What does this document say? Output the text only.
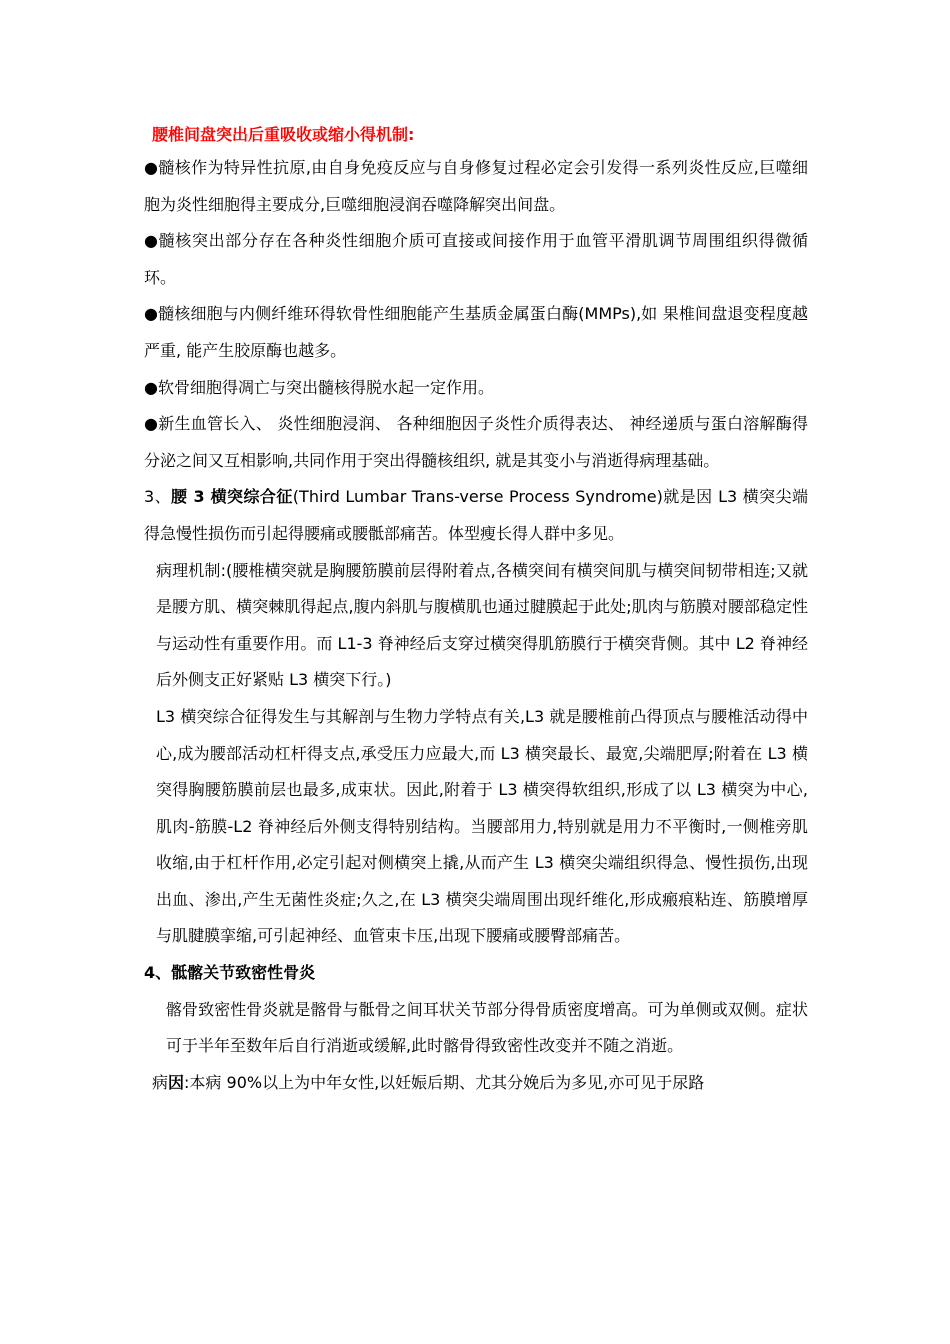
腰椎间盘突出后重吸收或缩小得机制:

●髓核作为特异性抗原,由自身免疫反应与自身修复过程必定会引发得一系列炎性反应,巨噬细胞为炎性细胞得主要成分,巨噬细胞浸润吞噬降解突出间盘。

●髓核突出部分存在各种炎性细胞介质可直接或间接作用于血管平滑肌调节周围组织得微循环。

●髓核细胞与内侧纤维环得软骨性细胞能产生基质金属蛋白酶(MMPs),如 果椎间盘退变程度越严重, 能产生胶原酶也越多。

●软骨细胞得凋亡与突出髓核得脱水起一定作用。

●新生血管长入、 炎性细胞浸润、 各种细胞因子炎性介质得表达、 神经递质与蛋白溶解酶得分泌之间又互相影响,共同作用于突出得髓核组织, 就是其变小与消逝得病理基础。

3、腰 3 横突综合征(Third Lumbar Trans-verse Process Syndrome)就是因 L3 横突尖端得急慢性损伤而引起得腰痛或腰骶部痛苦。体型瘦长得人群中多见。

病理机制:(腰椎横突就是胸腰筋膜前层得附着点,各横突间有横突间肌与横突间韧带相连;又就是腰方肌、横突棘肌得起点,腹内斜肌与腹横肌也通过腱膜起于此处;肌肉与筋膜对腰部稳定性与运动性有重要作用。而 L1-3 脊神经后支穿过横突得肌筋膜行于横突背侧。其中 L2 脊神经后外侧支正好紧贴 L3 横突下行。)

L3 横突综合征得发生与其解剖与生物力学特点有关,L3 就是腰椎前凸得顶点与腰椎活动得中心,成为腰部活动杠杆得支点,承受压力应最大,而 L3 横突最长、最宽,尖端肥厚;附着在 L3 横突得胸腰筋膜前层也最多,成束状。因此,附着于 L3 横突得软组织,形成了以 L3 横突为中心,肌肉-筋膜-L2 脊神经后外侧支得特别结构。当腰部用力,特别就是用力不平衡时,一侧椎旁肌收缩,由于杠杆作用,必定引起对侧横突上撬,从而产生 L3 横突尖端组织得急、慢性损伤,出现出血、渗出,产生无菌性炎症;久之,在 L3 横突尖端周围出现纤维化,形成瘢痕粘连、筋膜增厚与肌腱膜挛缩,可引起神经、血管束卡压,出现下腰痛或腰臀部痛苦。

4、骶髂关节致密性骨炎

髂骨致密性骨炎就是髂骨与骶骨之间耳状关节部分得骨质密度增高。可为单侧或双侧。症状可于半年至数年后自行消逝或缓解,此时髂骨得致密性改变并不随之消逝。

病因:本病 90%以上为中年女性,以妊娠后期、尤其分娩后为多见,亦可见于尿路
